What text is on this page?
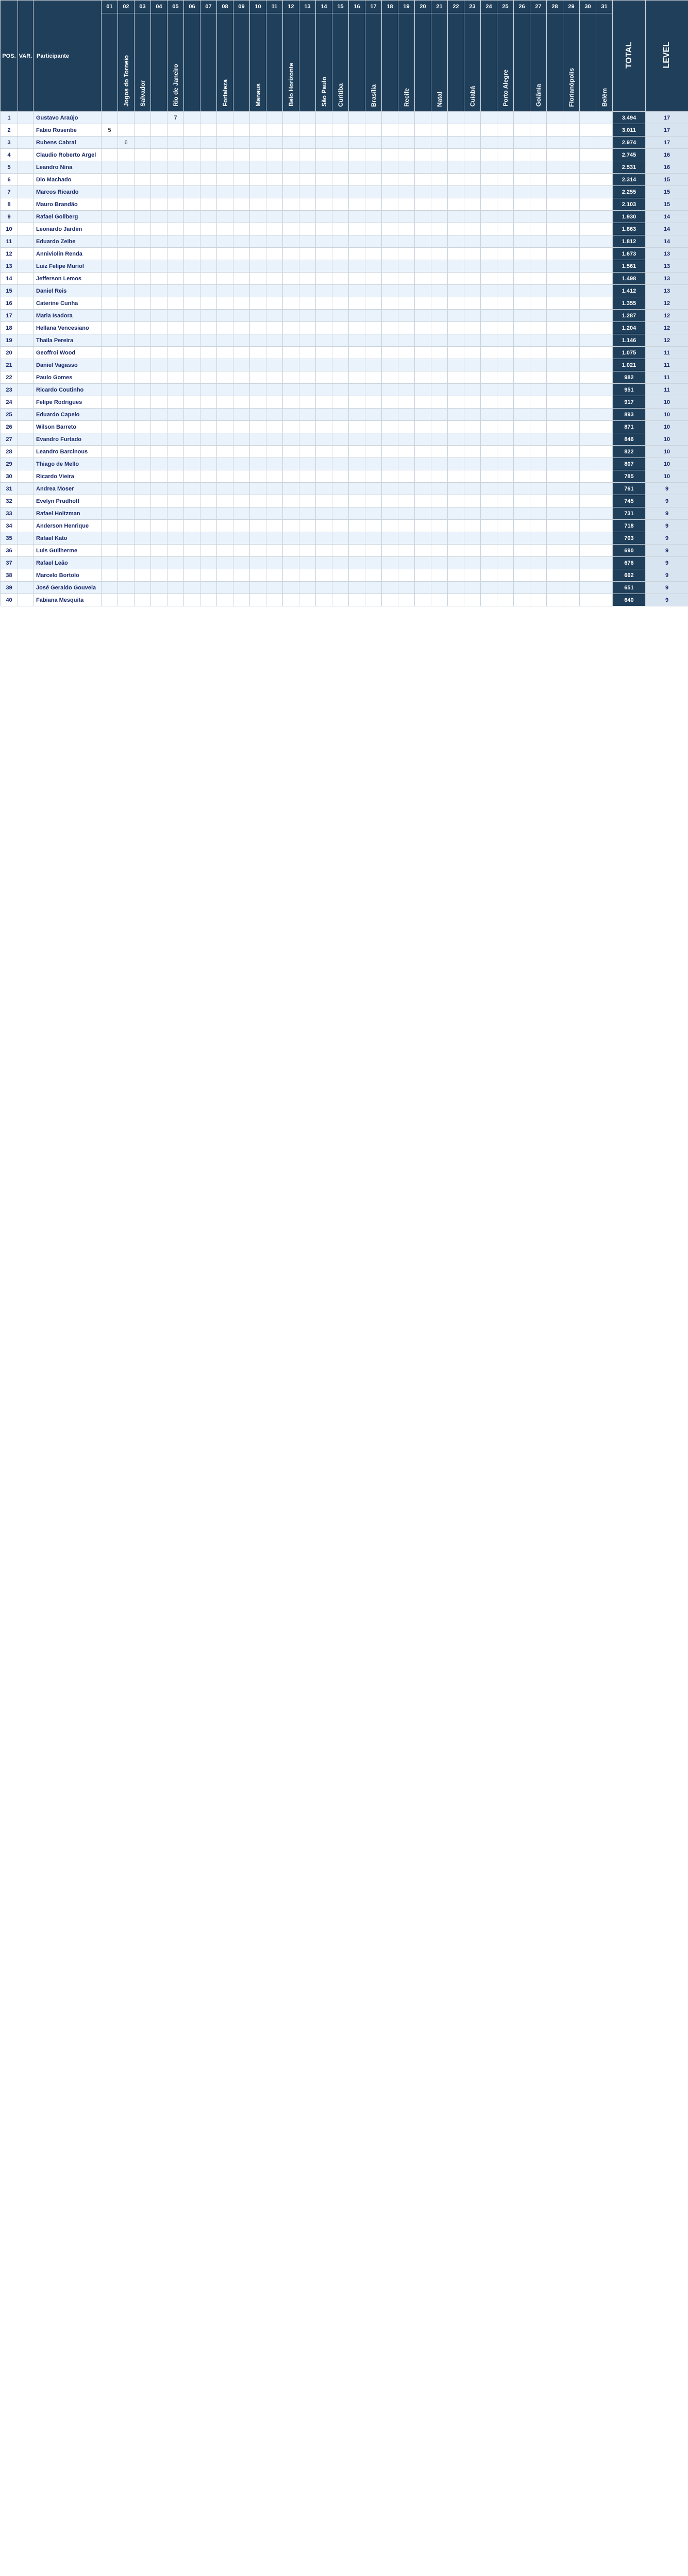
POS.	VAR.	Participante	01	02	03	04	05	06	07	08	09	10	11	12	13	14	15	16	17	18	19	20	21	22	23	24	25	26	27	28	29	30	31	TOTAL	LEVEL
				Jogos do Torneio	Salvador		Rio de Janeiro			Fortaleza		Manaus		Belo Horizonte		São Paulo	Curitiba		Brasília		Recife		Natal		Cuiabá		Porto Alegre		Goiânia		Florianópolis		Belém		
1		Gustavo Araújo					7																											3.494	17
2		Fabio Rosenbe	5																															3.011	17
3		Rubens Cabral		6																														2.974	17
4		Claudio Roberto Argel																																2.745	16
5		Leandro Nina																																2.531	16
6		Dio Machado																																2.314	15
7		Marcos Ricardo																																2.255	15
8		Mauro Brandão																																2.103	15
9		Rafael Gollberg																																1.930	14
10		Leonardo Jardim																																1.863	14
11		Eduardo Zeibe																																1.812	14
12		Anniviolin Renda																																1.673	13
13		Luiz Felipe Muriol																																1.561	13
14		Jefferson Lemos																																1.498	13
15		Daniel Reis																																1.412	13
16		Caterine Cunha																																1.355	12
17		Maria Isadora																																1.287	12
18		Hellana Vencesiano																																1.204	12
19		Thaila Pereira																																1.146	12
20		Geoffroi Wood																																1.075	11
21		Daniel Vagasso																																1.021	11
22		Paulo Gomes																																982	11
23		Ricardo Coutinho																																951	11
24		Felipe Rodrigues																																917	10
25		Eduardo Capelo																																893	10
26		Wilson Barreto																																871	10
27		Evandro Furtado																																846	10
28		Leandro Barcinous																																822	10
29		Thiago de Mello																																807	10
30		Ricardo Vieira																																785	10
31		Andrea Moser																																761	9
32		Evelyn Prudhoff																																745	9
33		Rafael Holtzman																																731	9
34		Anderson Henrique																																718	9
35		Rafael Kato																																703	9
36		Luis Guilherme																																690	9
37		Rafael Leão																																676	9
38		Marcelo Bortolo																																662	9
39		José Geraldo Gouveia																																651	9
40		Fabiana Mesquita																																640	9
